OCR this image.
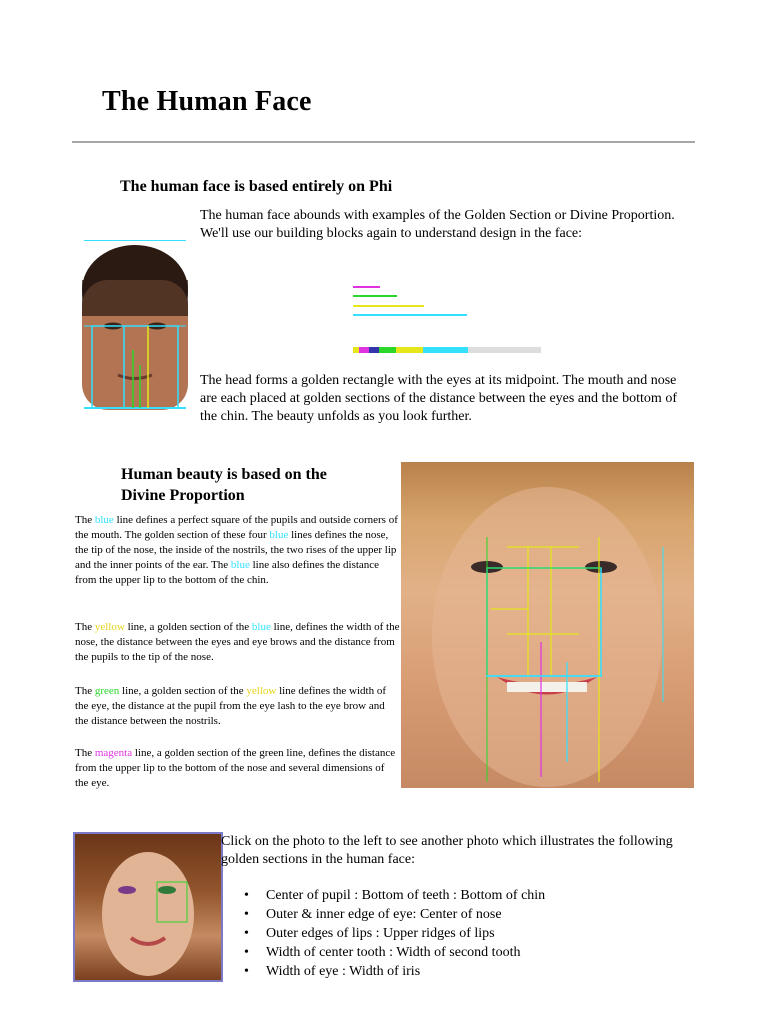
The Human Face
The human face is based entirely on Phi

The human face abounds with examples of the Golden Section or Divine Proportion. We'll use our building blocks again to understand design in the face:

The head forms a golden rectangle with the eyes at its midpoint. The mouth and nose are each placed at golden sections of the distance between the eyes and the bottom of the chin. The beauty unfolds as you look further.

Human beauty is based on the
Divine Proportion

The blue line defines a perfect square of the pupils and outside corners of the mouth. The golden section of these four blue lines defines the nose, the tip of the nose, the inside of the nostrils, the two rises of the upper lip and the inner points of the ear. The blue line also defines the distance from the upper lip to the bottom of the chin.

The yellow line, a golden section of the blue line, defines the width of the nose, the distance between the eyes and eye brows and the distance from the pupils to the tip of the nose.

The green line, a golden section of the yellow line defines the width of the eye, the distance at the pupil from the eye lash to the eye brow and the distance between the nostrils.

The magenta line, a golden section of the green line, defines the distance from the upper lip to the bottom of the nose and several dimensions of the eye.

Click on the photo to the left to see another photo which illustrates the following golden sections in the human face:

• Center of pupil : Bottom of teeth : Bottom of chin
• Outer & inner edge of eye: Center of nose
• Outer edges of lips : Upper ridges of lips
• Width of center tooth : Width of second tooth
• Width of eye : Width of iris
